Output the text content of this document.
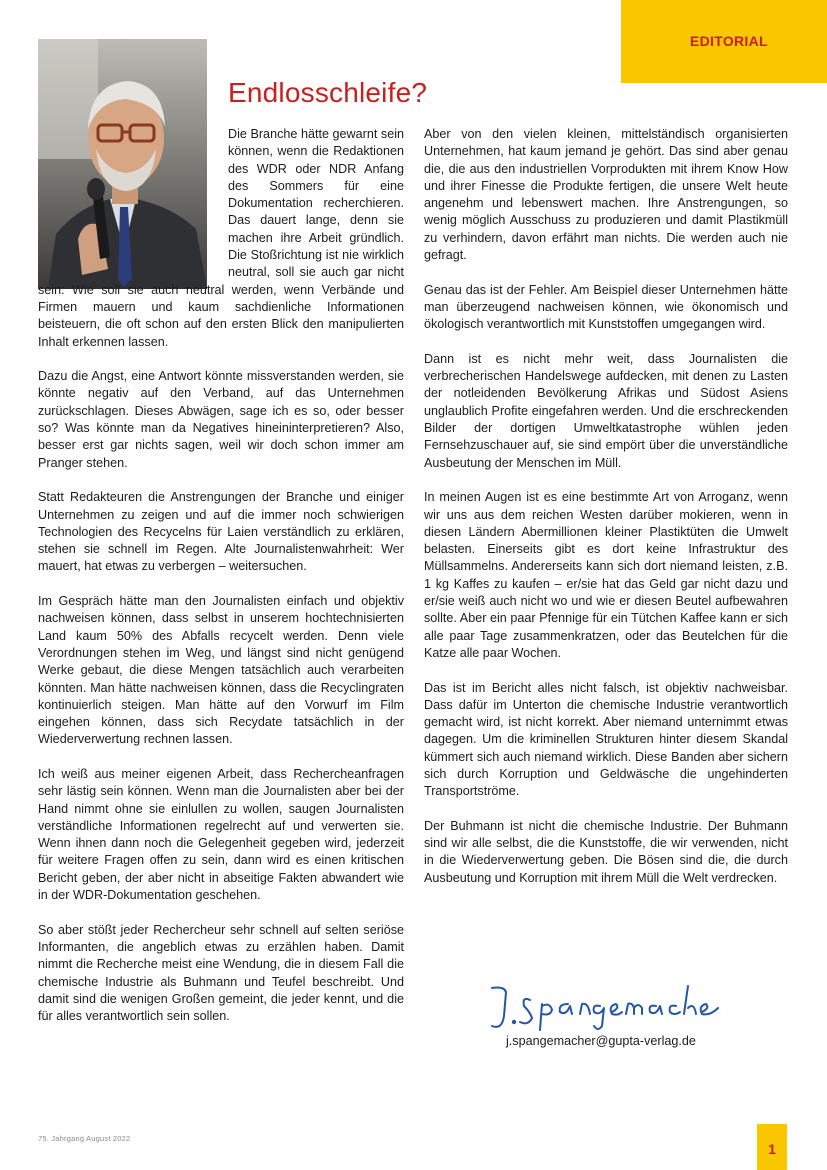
EDITORIAL
Endlosschleife?

Die Branche hätte gewarnt sein können, wenn die Redaktionen des WDR oder NDR Anfang des Sommers für eine Dokumentation recherchieren. Das dauert lange, denn sie machen ihre Arbeit gründlich. Die Stoßrichtung ist nie wirklich neutral, soll sie auch gar nicht sein: Wie soll sie auch neutral werden, wenn Verbände und Firmen mauern und kaum sachdienliche Informationen beisteuern, die oft schon auf den ersten Blick den manipulierten Inhalt erkennen lassen.

Dazu die Angst, eine Antwort könnte missverstanden werden, sie könnte negativ auf den Verband, auf das Unternehmen zurückschlagen. Dieses Abwägen, sage ich es so, oder besser so? Was könnte man da Negatives hineininterpretieren? Also, besser erst gar nichts sagen, weil wir doch schon immer am Pranger stehen.

Statt Redakteuren die Anstrengungen der Branche und einiger Unternehmen zu zeigen und auf die immer noch schwierigen Technologien des Recycelns für Laien verständlich zu erklären, stehen sie schnell im Regen. Alte Journalistenwahrheit: Wer mauert, hat etwas zu verbergen – weitersuchen.

Im Gespräch hätte man den Journalisten einfach und objektiv nachweisen können, dass selbst in unserem hochtechnisierten Land kaum 50% des Abfalls recycelt werden. Denn viele Verordnungen stehen im Weg, und längst sind nicht genügend Werke gebaut, die diese Mengen tatsächlich auch verarbeiten könnten. Man hätte nachweisen können, dass die Recyclingraten kontinuierlich steigen. Man hätte auf den Vorwurf im Film eingehen können, dass sich Recydate tatsächlich in der Wiederverwertung rechnen lassen.

Ich weiß aus meiner eigenen Arbeit, dass Rechercheanfragen sehr lästig sein können. Wenn man die Journalisten aber bei der Hand nimmt ohne sie einlullen zu wollen, saugen Journalisten verständliche Informationen regelrecht auf und verwerten sie. Wenn ihnen dann noch die Gelegenheit gegeben wird, jederzeit für weitere Fragen offen zu sein, dann wird es einen kritischen Bericht geben, der aber nicht in abseitige Fakten abwandert wie in der WDR-Dokumentation geschehen.

So aber stößt jeder Rechercheur sehr schnell auf selten seriöse Informanten, die angeblich etwas zu erzählen haben. Damit nimmt die Recherche meist eine Wendung, die in diesem Fall die chemische Industrie als Buhmann und Teufel beschreibt. Und damit sind die wenigen Großen gemeint, die jeder kennt, und die für alles verantwortlich sein sollen.

Aber von den vielen kleinen, mittelständisch organisierten Unternehmen, hat kaum jemand je gehört. Das sind aber genau die, die aus den industriellen Vorprodukten mit ihrem Know How und ihrer Finesse die Produkte fertigen, die unsere Welt heute angenehm und lebenswert machen. Ihre Anstrengungen, so wenig möglich Ausschuss zu produzieren und damit Plastikmüll zu verhindern, davon erfährt man nichts. Die werden auch nie gefragt.

Genau das ist der Fehler. Am Beispiel dieser Unternehmen hätte man überzeugend nachweisen können, wie ökonomisch und ökologisch verantwortlich mit Kunststoffen umgegangen wird.

Dann ist es nicht mehr weit, dass Journalisten die verbrecherischen Handelswege aufdecken, mit denen zu Lasten der notleidenden Bevölkerung Afrikas und Südost Asiens unglaublich Profite eingefahren werden. Und die erschreckenden Bilder der dortigen Umweltkatastrophe wühlen jeden Fernsehzuschauer auf, sie sind empört über die unverständliche Ausbeutung der Menschen im Müll.

In meinen Augen ist es eine bestimmte Art von Arroganz, wenn wir uns aus dem reichen Westen darüber mokieren, wenn in diesen Ländern Abermillionen kleiner Plastiktüten die Umwelt belasten. Einerseits gibt es dort keine Infrastruktur des Müllsammelns. Andererseits kann sich dort niemand leisten, z.B. 1 kg Kaffes zu kaufen – er/sie hat das Geld gar nicht dazu und er/sie weiß auch nicht wo und wie er diesen Beutel aufbewahren sollte. Aber ein paar Pfennige für ein Tütchen Kaffee kann er sich alle paar Tage zusammenkratzen, oder das Beutelchen für die Katze alle paar Wochen.

Das ist im Bericht alles nicht falsch, ist objektiv nachweisbar. Dass dafür im Unterton die chemische Industrie verantwortlich gemacht wird, ist nicht korrekt. Aber niemand unternimmt etwas dagegen. Um die kriminellen Strukturen hinter diesem Skandal kümmert sich auch niemand wirklich. Diese Banden aber sichern sich durch Korruption und Geldwäsche die ungehinderten Transportströme.

Der Buhmann ist nicht die chemische Industrie. Der Buhmann sind wir alle selbst, die die Kunststoffe, die wir verwenden, nicht in die Wiederverwertung geben. Die Bösen sind die, die durch Ausbeutung und Korruption mit ihrem Müll die Welt verdrecken.

j.spangemacher@gupta-verlag.de
75. Jahrgang August 2022
1
